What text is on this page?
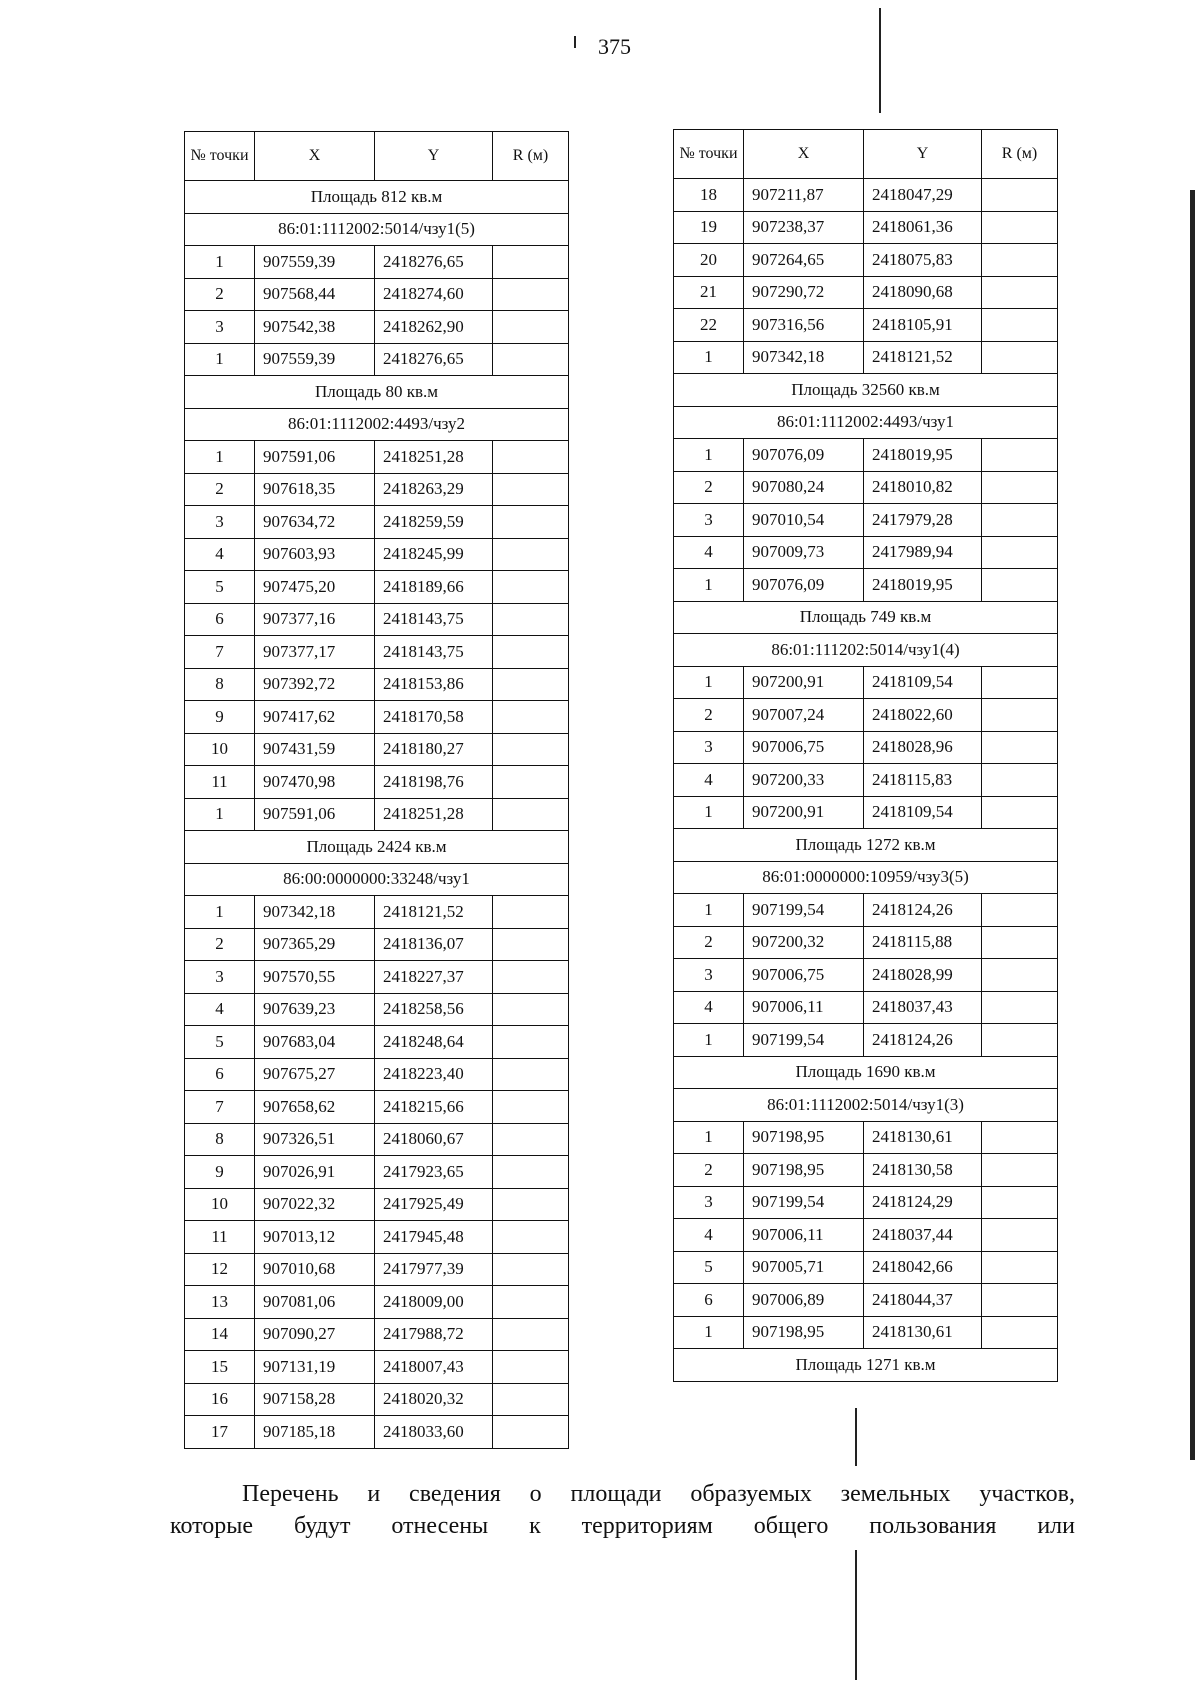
375
№ точки	X	Y	R (м)
Площадь 812 кв.м			
86:01:1112002:5014/чзу1(5)			
1	907559,39	2418276,65	
2	907568,44	2418274,60	
3	907542,38	2418262,90	
1	907559,39	2418276,65	
Площадь 80 кв.м			
86:01:1112002:4493/чзу2			
1	907591,06	2418251,28	
2	907618,35	2418263,29	
3	907634,72	2418259,59	
4	907603,93	2418245,99	
5	907475,20	2418189,66	
6	907377,16	2418143,75	
7	907377,17	2418143,75	
8	907392,72	2418153,86	
9	907417,62	2418170,58	
10	907431,59	2418180,27	
11	907470,98	2418198,76	
1	907591,06	2418251,28	
Площадь 2424 кв.м			
86:00:0000000:33248/чзу1			
1	907342,18	2418121,52	
2	907365,29	2418136,07	
3	907570,55	2418227,37	
4	907639,23	2418258,56	
5	907683,04	2418248,64	
6	907675,27	2418223,40	
7	907658,62	2418215,66	
8	907326,51	2418060,67	
9	907026,91	2417923,65	
10	907022,32	2417925,49	
11	907013,12	2417945,48	
12	907010,68	2417977,39	
13	907081,06	2418009,00	
14	907090,27	2417988,72	
15	907131,19	2418007,43	
16	907158,28	2418020,32	
17	907185,18	2418033,60	
№ точки	X	Y	R (м)
18	907211,87	2418047,29	
19	907238,37	2418061,36	
20	907264,65	2418075,83	
21	907290,72	2418090,68	
22	907316,56	2418105,91	
1	907342,18	2418121,52	
Площадь 32560 кв.м			
86:01:1112002:4493/чзу1			
1	907076,09	2418019,95	
2	907080,24	2418010,82	
3	907010,54	2417979,28	
4	907009,73	2417989,94	
1	907076,09	2418019,95	
Площадь 749 кв.м			
86:01:111202:5014/чзу1(4)			
1	907200,91	2418109,54	
2	907007,24	2418022,60	
3	907006,75	2418028,96	
4	907200,33	2418115,83	
1	907200,91	2418109,54	
Площадь 1272 кв.м			
86:01:0000000:10959/чзу3(5)			
1	907199,54	2418124,26	
2	907200,32	2418115,88	
3	907006,75	2418028,99	
4	907006,11	2418037,43	
1	907199,54	2418124,26	
Площадь 1690 кв.м			
86:01:1112002:5014/чзу1(3)			
1	907198,95	2418130,61	
2	907198,95	2418130,58	
3	907199,54	2418124,29	
4	907006,11	2418037,44	
5	907005,71	2418042,66	
6	907006,89	2418044,37	
1	907198,95	2418130,61	
Площадь 1271 кв.м			
Перечень и сведения о площади образуемых земельных участков,
которые будут отнесены к территориям общего пользования или
